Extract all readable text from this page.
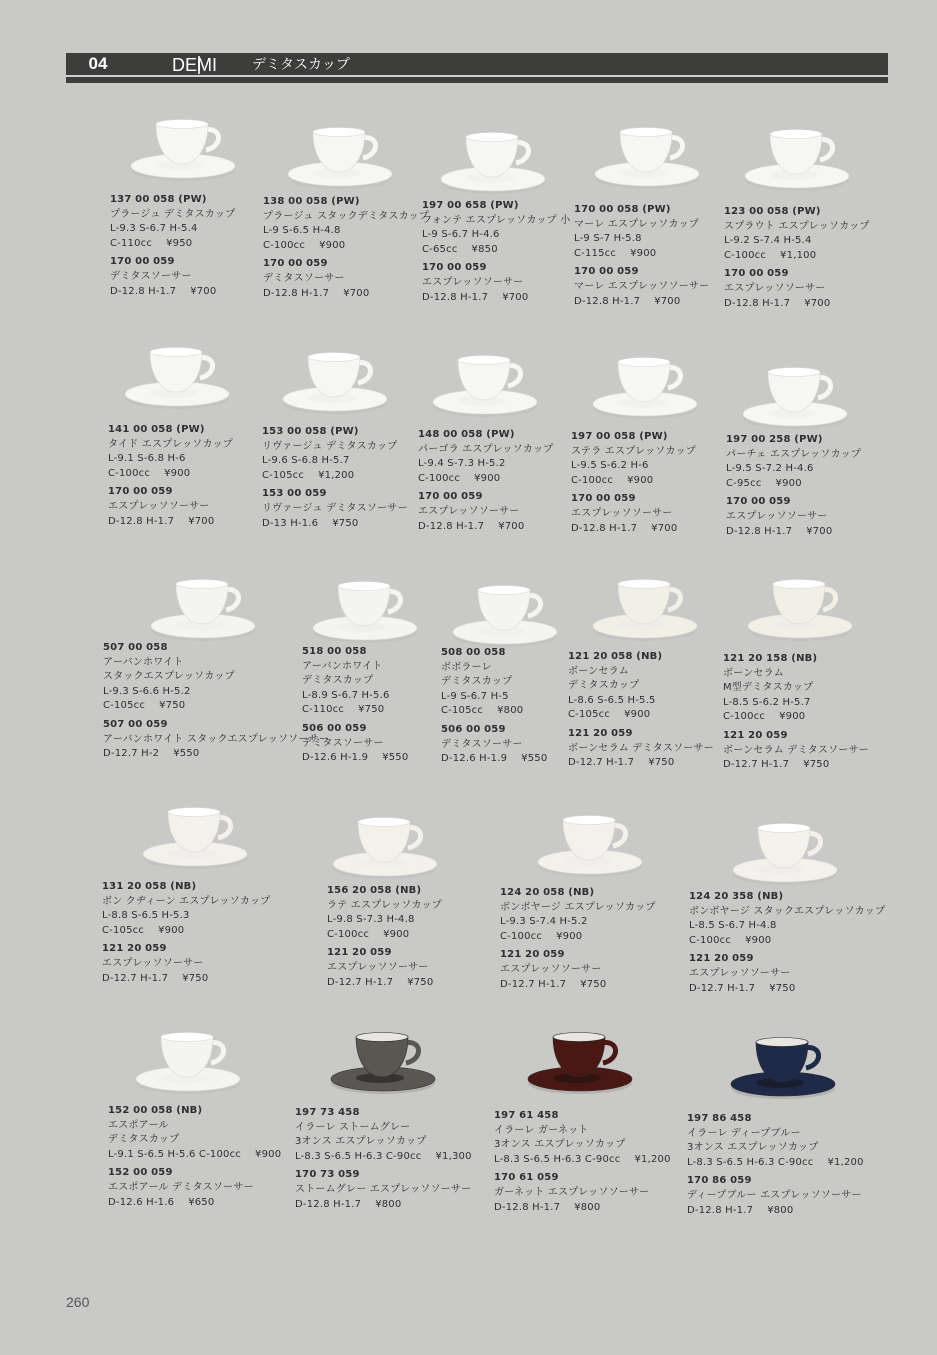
04	DEMI	デミタスカップ
137 00 058 (PW)
プラージュ デミタスカップ
L-9.3 S-6.7 H-5.4
C-110cc ¥950
170 00 059
デミタスソーサー
D-12.8 H-1.7 ¥700
138 00 058 (PW)
プラージュ スタックデミタスカップ
L-9 S-6.5 H-4.8
C-100cc ¥900
170 00 059
デミタスソーサー
D-12.8 H-1.7 ¥700
197 00 658 (PW)
フォンテ エスプレッソカップ 小
L-9 S-6.7 H-4.6
C-65cc ¥850
170 00 059
エスプレッソソーサー
D-12.8 H-1.7 ¥700
170 00 058 (PW)
マーレ エスプレッソカップ
L-9 S-7 H-5.8
C-115cc ¥900
170 00 059
マーレ エスプレッソソーサー
D-12.8 H-1.7 ¥700
123 00 058 (PW)
スプラウト エスプレッソカップ
L-9.2 S-7.4 H-5.4
C-100cc ¥1,100
170 00 059
エスプレッソソーサー
D-12.8 H-1.7 ¥700
141 00 058 (PW)
タイド エスプレッソカップ
L-9.1 S-6.8 H-6
C-100cc ¥900
170 00 059
エスプレッソソーサー
D-12.8 H-1.7 ¥700
153 00 058 (PW)
リヴァージュ デミタスカップ
L-9.6 S-6.8 H-5.7
C-105cc ¥1,200
153 00 059
リヴァージュ デミタスソーサー
D-13 H-1.6 ¥750
148 00 058 (PW)
パーゴラ エスプレッソカップ
L-9.4 S-7.3 H-5.2
C-100cc ¥900
170 00 059
エスプレッソソーサー
D-12.8 H-1.7 ¥700
197 00 058 (PW)
ステラ エスプレッソカップ
L-9.5 S-6.2 H-6
C-100cc ¥900
170 00 059
エスプレッソソーサー
D-12.8 H-1.7 ¥700
197 00 258 (PW)
パーチェ エスプレッソカップ
L-9.5 S-7.2 H-4.6
C-95cc ¥900
170 00 059
エスプレッソソーサー
D-12.8 H-1.7 ¥700
507 00 058
アーバンホワイト
スタックエスプレッソカップ
L-9.3 S-6.6 H-5.2
C-105cc ¥750
507 00 059
アーバンホワイト スタックエスプレッソソーサー
D-12.7 H-2 ¥550
518 00 058
アーバンホワイト
デミタスカップ
L-8.9 S-6.7 H-5.6
C-110cc ¥750
506 00 059
デミタスソーサー
D-12.6 H-1.9 ¥550
508 00 058
ボボラーレ
デミタスカップ
L-9 S-6.7 H-5
C-105cc ¥800
506 00 059
デミタスソーサー
D-12.6 H-1.9 ¥550
121 20 058 (NB)
ボーンセラム
デミタスカップ
L-8.6 S-6.5 H-5.5
C-105cc ¥900
121 20 059
ボーンセラム デミタスソーサー
D-12.7 H-1.7 ¥750
121 20 158 (NB)
ボーンセラム
M型デミタスカップ
L-8.5 S-6.2 H-5.7
C-100cc ¥900
121 20 059
ボーンセラム デミタスソーサー
D-12.7 H-1.7 ¥750
131 20 058 (NB)
ボン クヂィーン エスプレッソカップ
L-8.8 S-6.5 H-5.3
C-105cc ¥900
121 20 059
エスプレッソソーサー
D-12.7 H-1.7 ¥750
156 20 058 (NB)
ラテ エスプレッソカップ
L-9.8 S-7.3 H-4.8
C-100cc ¥900
121 20 059
エスプレッソソーサー
D-12.7 H-1.7 ¥750
124 20 058 (NB)
ボンボヤージ エスプレッソカップ
L-9.3 S-7.4 H-5.2
C-100cc ¥900
121 20 059
エスプレッソソーサー
D-12.7 H-1.7 ¥750
124 20 358 (NB)
ボンボヤージ スタックエスプレッソカップ
L-8.5 S-6.7 H-4.8
C-100cc ¥900
121 20 059
エスプレッソソーサー
D-12.7 H-1.7 ¥750
152 00 058 (NB)
エスポアール
デミタスカップ
L-9.1 S-6.5 H-5.6 C-100cc ¥900
152 00 059
エスポアール デミタスソーサー
D-12.6 H-1.6 ¥650
197 73 458
イラーレ ストームグレー
3オンス エスプレッソカップ
L-8.3 S-6.5 H-6.3 C-90cc ¥1,300
170 73 059
ストームグレー エスプレッソソーサー
D-12.8 H-1.7 ¥800
197 61 458
イラーレ ガーネット
3オンス エスプレッソカップ
L-8.3 S-6.5 H-6.3 C-90cc ¥1,200
170 61 059
ガーネット エスプレッソソーサー
D-12.8 H-1.7 ¥800
197 86 458
イラーレ ディープブルー
3オンス エスプレッソカップ
L-8.3 S-6.5 H-6.3 C-90cc ¥1,200
170 86 059
ディープブルー エスプレッソソーサー
D-12.8 H-1.7 ¥800
260
